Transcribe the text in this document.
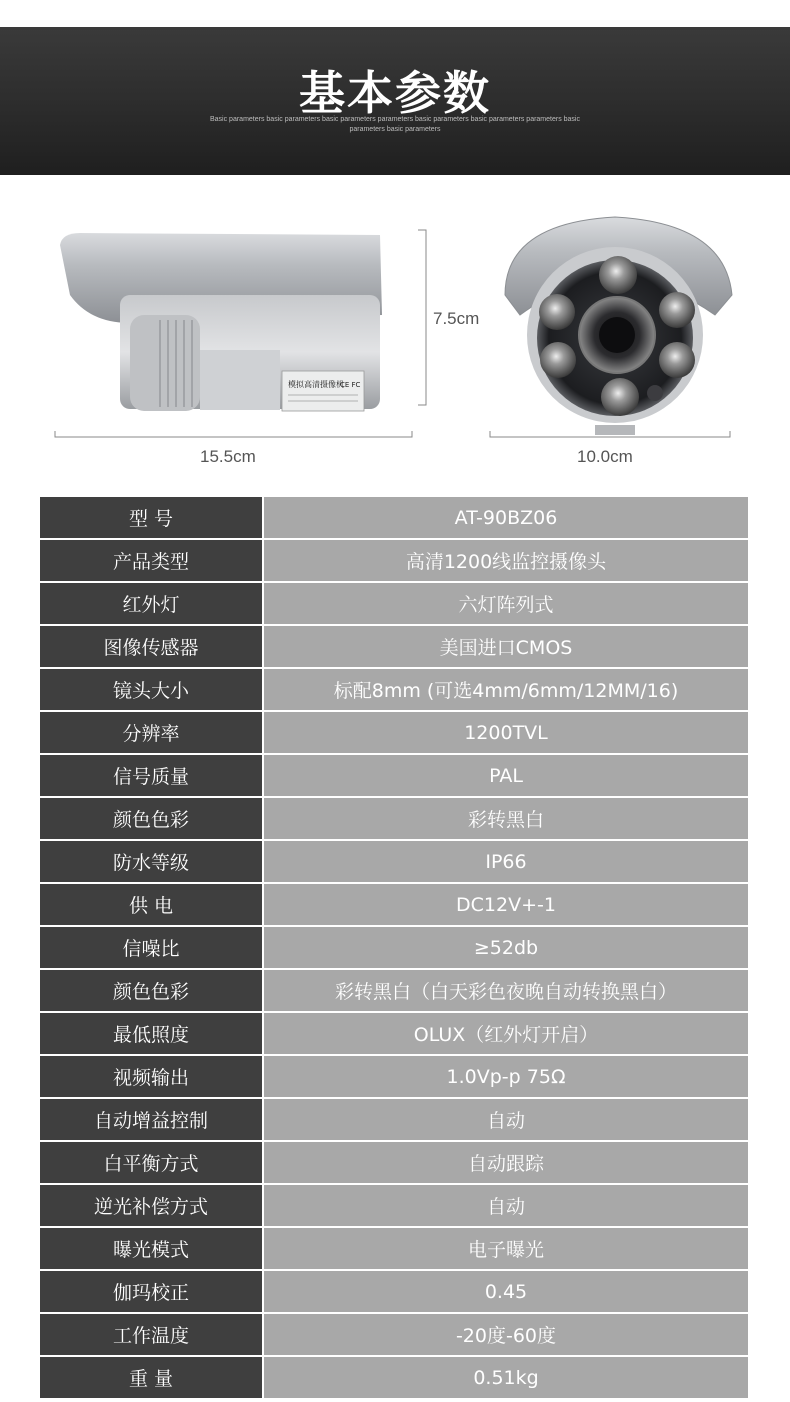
基本参数
Basic parameters basic parameters basic parameters parameters basic parameters basic parameters parameters basic parameters basic parameters
模拟高清摄像机
CE FC
7.5cm
15.5cm	10.0cm
型 号	AT-90BZ06
产品类型	高清1200线监控摄像头
红外灯	六灯阵列式
图像传感器	美国进口CMOS
镜头大小	标配8mm (可选4mm/6mm/12MM/16)
分辨率	1200TVL
信号质量	PAL
颜色色彩	彩转黑白
防水等级	IP66
供 电	DC12V+-1
信噪比	≥52db
颜色色彩	彩转黑白（白天彩色夜晚自动转换黑白）
最低照度	OLUX（红外灯开启）
视频输出	1.0Vp-p 75Ω
自动增益控制	自动
白平衡方式	自动跟踪
逆光补偿方式	自动
曝光模式	电子曝光
伽玛校正	0.45
工作温度	-20度-60度
重 量	0.51kg
